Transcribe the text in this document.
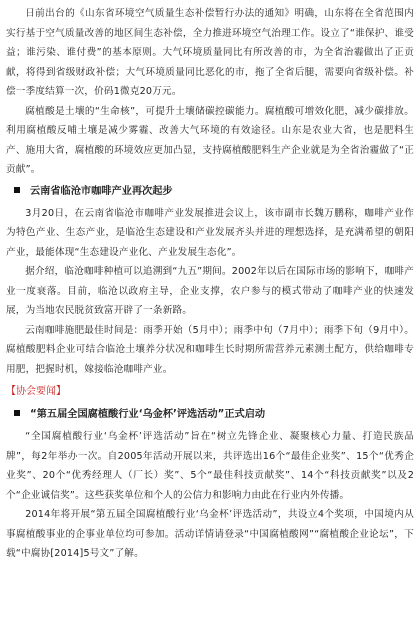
日前出台的《山东省环境空气质量生态补偿暂行办法的通知》明确，山东将在全省范围内实行基于空气质量改善的地区间生态补偿，全力推进环境空气治理工作。设立了“谁保护、谁受益；谁污染、谁付费”的基本原则。大气环境质量同比有所改善的市，为全省治霾做出了正贡献，将得到省级财政补偿；大气环境质量同比恶化的市，拖了全省后腿，需要向省级补偿。补偿一季度结算一次，价码1微克20万元。

腐植酸是土壤的“生命核”，可提升土壤储碳控碳能力。腐植酸可增效化肥，减少碳排放。利用腐植酸反哺土壤是减少雾霾、改善大气环境的有效途径。山东是农业大省，也是肥料生产、施用大省，腐植酸的环境效应更加凸显，支持腐植酸肥料生产企业就是为全省治霾做了“正贡献”。

云南省临沧市咖啡产业再次起步

3月20日，在云南省临沧市咖啡产业发展推进会议上，该市副市长魏万鹏称，咖啡产业作为特色产业、生态产业，是临沧生态建设和产业发展齐头并进的理想选择，是充满希望的朝阳产业，最能体现“生态建设产业化、产业发展生态化”。

据介绍，临沧咖啡种植可以追溯到“九五”期间。2002年以后在国际市场的影响下，咖啡产业一度衰落。目前，临沧以政府主导，企业支撑，农户参与的模式带动了咖啡产业的快速发展，为当地农民脱贫致富开辟了一条新路。

云南咖啡施肥最佳时间是：雨季开始（5月中）；雨季中旬（7月中）；雨季下旬（9月中）。腐植酸肥料企业可结合临沧土壤养分状况和咖啡生长时期所需营养元素测土配方，供给咖啡专用肥，把握时机，嫁接临沧咖啡产业。

【协会要闻】
“第五届全国腐植酸行业‘乌金杯’评选活动”正式启动

“全国腐植酸行业‘乌金杯’评选活动”旨在“树立先锋企业、凝聚核心力量、打造民族品牌”，每2年举办一次。自2005年活动开展以来，共评选出16个“最佳企业奖”、15个“优秀企业奖”、20个“优秀经理人（厂长）奖”、5个“最佳科技贡献奖”、14个“科技贡献奖”以及2个“企业诚信奖”。这些获奖单位和个人的公信力和影响力由此在行业内外传播。

2014年将开展“第五届全国腐植酸行业‘乌金杯’评选活动”，共设立4个奖项，中国境内从事腐植酸事业的企事业单位均可参加。活动详情请登录“中国腐植酸网”“腐植酸企业论坛”，下载“中腐协[2014]5号文”了解。
